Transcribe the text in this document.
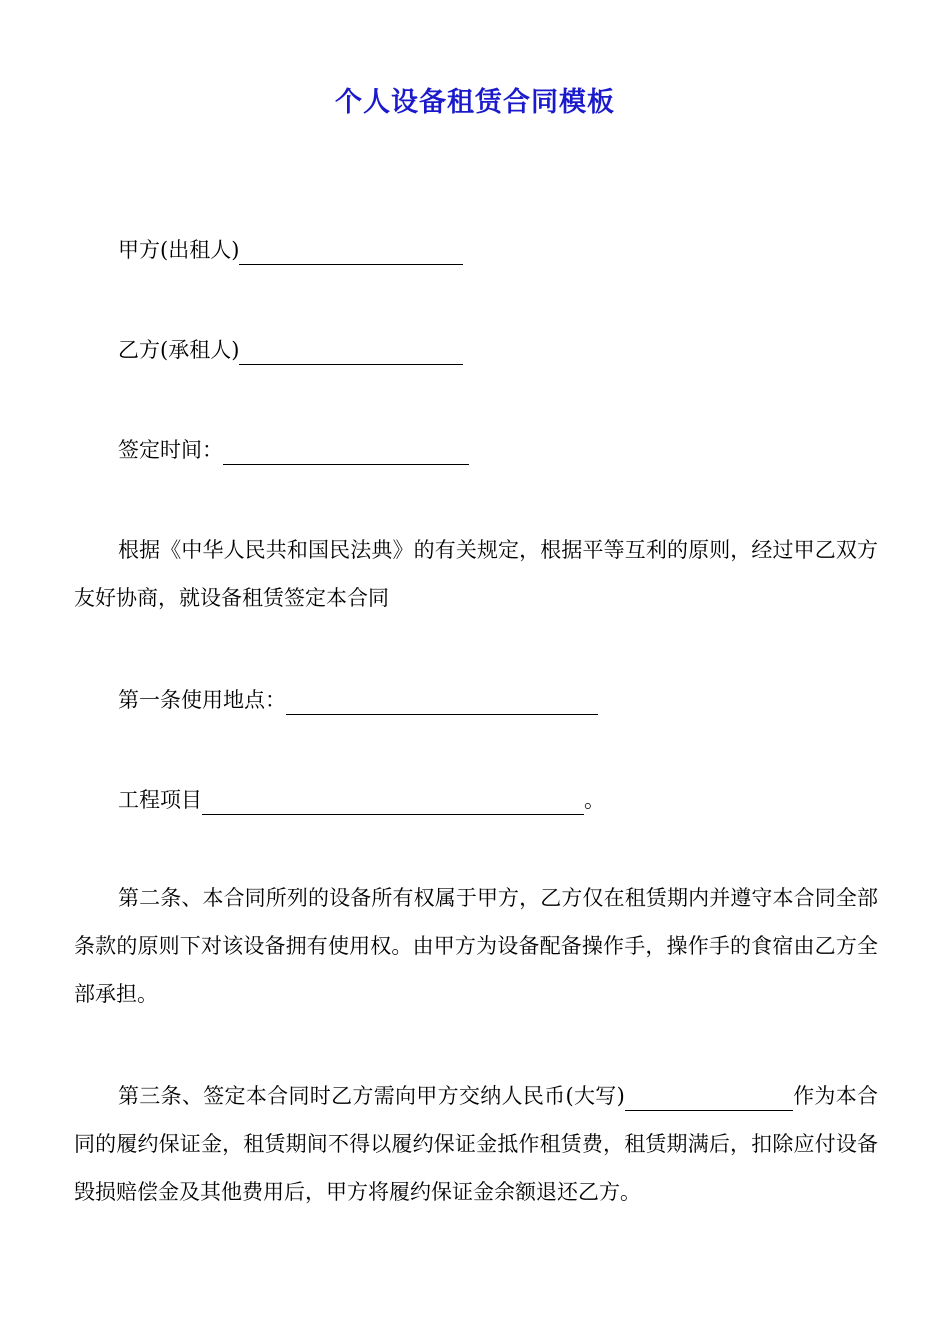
个人设备租赁合同模板
甲方(出租人)
乙方(承租人)
签定时间：
根据《中华人民共和国民法典》的有关规定，根据平等互利的原则，经过甲乙双方友好协商，就设备租赁签定本合同
第一条使用地点：
工程项目	。
第二条、本合同所列的设备所有权属于甲方，乙方仅在租赁期内并遵守本合同全部条款的原则下对该设备拥有使用权。由甲方为设备配备操作手，操作手的食宿由乙方全部承担。
第三条、签定本合同时乙方需向甲方交纳人民币(大写)	作为本合同的履约保证金，租赁期间不得以履约保证金抵作租赁费，租赁期满后，扣除应付设备毁损赔偿金及其他费用后，甲方将履约保证金余额退还乙方。
